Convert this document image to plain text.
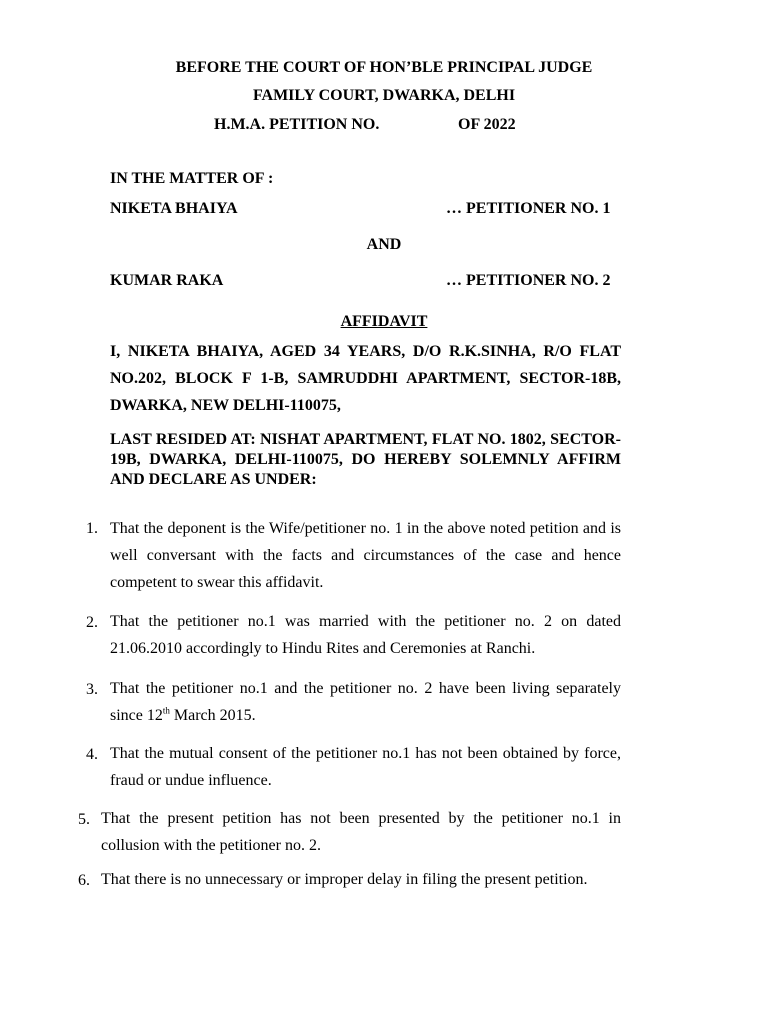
BEFORE THE COURT OF HON’BLE PRINCIPAL JUDGE
FAMILY COURT, DWARKA, DELHI
H.M.A. PETITION NO.	OF 2022
IN THE MATTER OF :
NIKETA BHAIYA	… PETITIONER NO. 1
AND
KUMAR RAKA	… PETITIONER NO. 2
AFFIDAVIT
I, NIKETA BHAIYA, AGED 34 YEARS, D/O R.K.SINHA, R/O FLAT NO.202, BLOCK F 1-B, SAMRUDDHI APARTMENT, SECTOR-18B, DWARKA, NEW DELHI-110075,
LAST RESIDED AT: NISHAT APARTMENT, FLAT NO. 1802, SECTOR-19B, DWARKA, DELHI-110075, DO HEREBY SOLEMNLY AFFIRM AND DECLARE AS UNDER:
1. That the deponent is the Wife/petitioner no. 1 in the above noted petition and is well conversant with the facts and circumstances of the case and hence competent to swear this affidavit.
2. That the petitioner no.1 was married with the petitioner no. 2 on dated 21.06.2010 accordingly to Hindu Rites and Ceremonies at Ranchi.
3. That the petitioner no.1 and the petitioner no. 2 have been living separately since 12th March 2015.
4. That the mutual consent of the petitioner no.1 has not been obtained by force, fraud or undue influence.
5. That the present petition has not been presented by the petitioner no.1 in collusion with the petitioner no. 2.
6. That there is no unnecessary or improper delay in filing the present petition.
